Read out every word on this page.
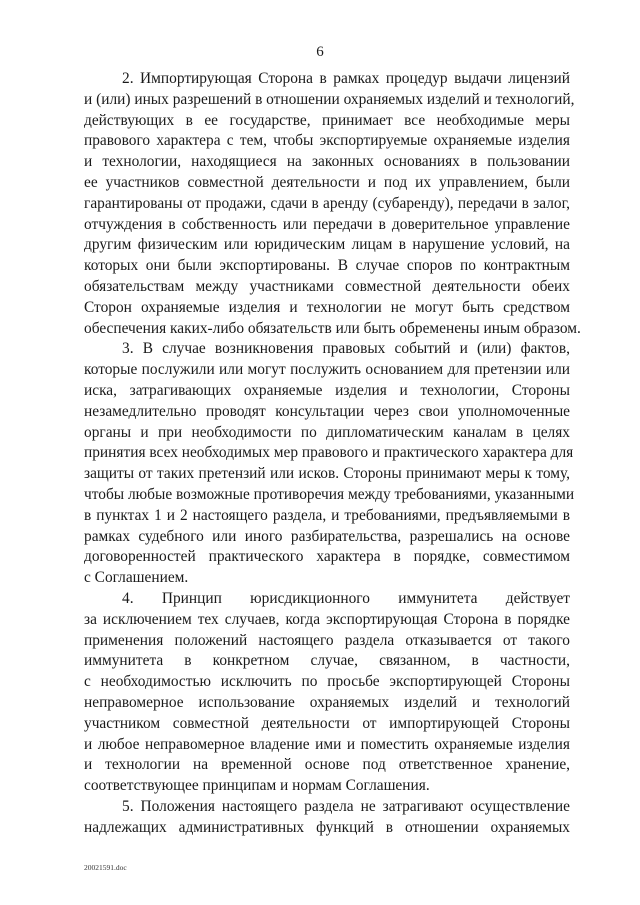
6

2. Импортирующая Сторона в рамках процедур выдачи лицензий
и (или) иных разрешений в отношении охраняемых изделий и технологий,
действующих в ее государстве, принимает все необходимые меры
правового характера с тем, чтобы экспортируемые охраняемые изделия
и технологии, находящиеся на законных основаниях в пользовании
ее участников совместной деятельности и под их управлением, были
гарантированы от продажи, сдачи в аренду (субаренду), передачи в залог,
отчуждения в собственность или передачи в доверительное управление
другим физическим или юридическим лицам в нарушение условий, на
которых они были экспортированы. В случае споров по контрактным
обязательствам между участниками совместной деятельности обеих
Сторон охраняемые изделия и технологии не могут быть средством
обеспечения каких-либо обязательств или быть обременены иным образом.

3. В случае возникновения правовых событий и (или) фактов,
которые послужили или могут послужить основанием для претензии или
иска, затрагивающих охраняемые изделия и технологии, Стороны
незамедлительно проводят консультации через свои уполномоченные
органы и при необходимости по дипломатическим каналам в целях
принятия всех необходимых мер правового и практического характера для
защиты от таких претензий или исков. Стороны принимают меры к тому,
чтобы любые возможные противоречия между требованиями, указанными
в пунктах 1 и 2 настоящего раздела, и требованиями, предъявляемыми в
рамках судебного или иного разбирательства, разрешались на основе
договоренностей практического характера в порядке, совместимом
с Соглашением.

4. Принцип юрисдикционного иммунитета действует
за исключением тех случаев, когда экспортирующая Сторона в порядке
применения положений настоящего раздела отказывается от такого
иммунитета в конкретном случае, связанном, в частности,
с необходимостью исключить по просьбе экспортирующей Стороны
неправомерное использование охраняемых изделий и технологий
участником совместной деятельности от импортирующей Стороны
и любое неправомерное владение ими и поместить охраняемые изделия
и технологии на временной основе под ответственное хранение,
соответствующее принципам и нормам Соглашения.

5. Положения настоящего раздела не затрагивают осуществление
надлежащих административных функций в отношении охраняемых

20021591.doc
